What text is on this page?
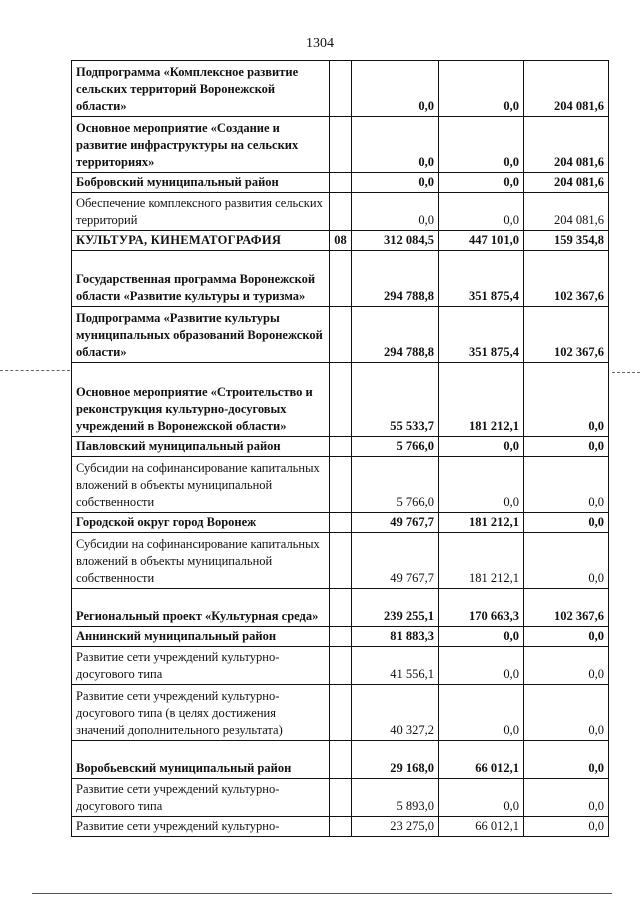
1304
Подпрограмма «Комплексное развитие сельских территорий Воронежской области»		0,0	0,0	204 081,6
Основное мероприятие «Создание и развитие инфраструктуры на сельских территориях»		0,0	0,0	204 081,6
Бобровский муниципальный район		0,0	0,0	204 081,6
Обеспечение комплексного развития сельских территорий		0,0	0,0	204 081,6
КУЛЬТУРА, КИНЕМАТОГРАФИЯ	08	312 084,5	447 101,0	159 354,8
Государственная программа Воронежской области «Развитие культуры и туризма»		294 788,8	351 875,4	102 367,6
Подпрограмма «Развитие культуры муниципальных образований Воронежской области»		294 788,8	351 875,4	102 367,6
Основное мероприятие «Строительство и реконструкция культурно-досуговых учреждений в Воронежской области»		55 533,7	181 212,1	0,0
Павловский муниципальный район		5 766,0	0,0	0,0
Субсидии на софинансирование капитальных вложений в объекты муниципальной собственности		5 766,0	0,0	0,0
Городской округ город Воронеж		49 767,7	181 212,1	0,0
Субсидии на софинансирование капитальных вложений в объекты муниципальной собственности		49 767,7	181 212,1	0,0
Региональный проект «Культурная среда»		239 255,1	170 663,3	102 367,6
Аннинский муниципальный район		81 883,3	0,0	0,0
Развитие сети учреждений культурно-досугового типа		41 556,1	0,0	0,0
Развитие сети учреждений культурно-досугового типа (в целях достижения значений дополнительного результата)		40 327,2	0,0	0,0
Воробьевский муниципальный район		29 168,0	66 012,1	0,0
Развитие сети учреждений культурно-досугового типа		5 893,0	0,0	0,0
Развитие сети учреждений культурно-		23 275,0	66 012,1	0,0
